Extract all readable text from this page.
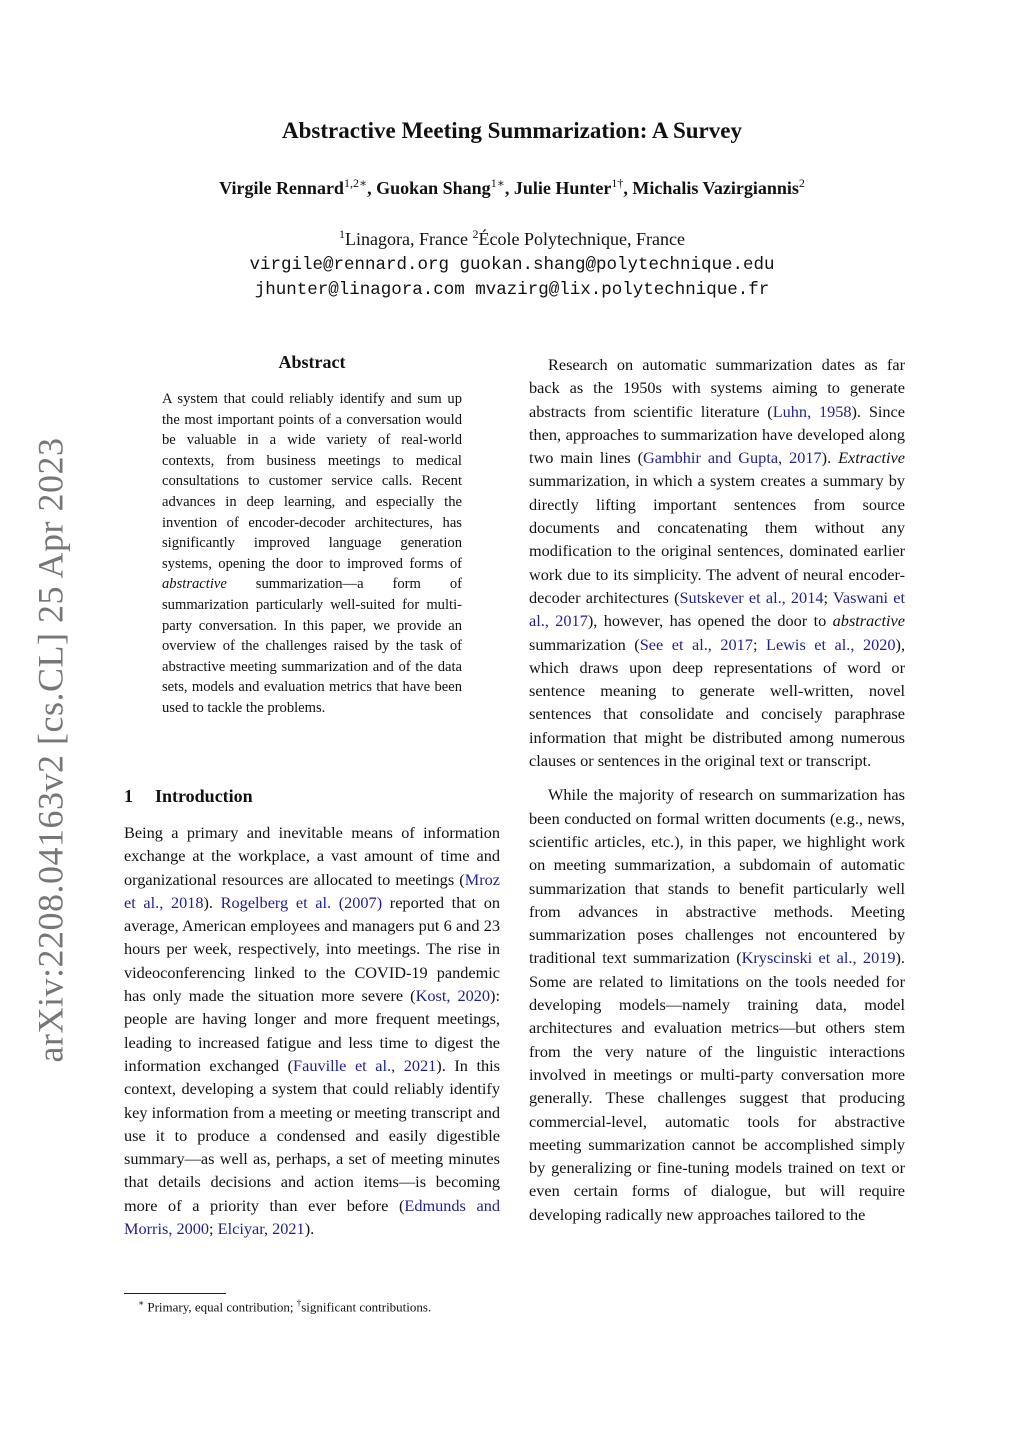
arXiv:2208.04163v2 [cs.CL] 25 Apr 2023
Abstractive Meeting Summarization: A Survey
Virgile Rennard$^{1,2∗}$, Guokan Shang$^{1∗}$, Julie Hunter$^{1\dagger}$, Michalis Vazirgiannis$^2$
$^1$Linagora, France $^2$École Polytechnique, France
virgile@rennard.org guokan.shang@polytechnique.edu
jhunter@linagora.com mvazirg@lix.polytechnique.fr
Abstract
A system that could reliably identify and sum up the most important points of a conversation would be valuable in a wide variety of real-world contexts, from business meetings to medical consultations to customer service calls. Recent advances in deep learning, and especially the invention of encoder-decoder architectures, has significantly improved language generation systems, opening the door to improved forms of abstractive summarization—a form of summarization particularly well-suited for multi-party conversation. In this paper, we provide an overview of the challenges raised by the task of abstractive meeting summarization and of the data sets, models and evaluation metrics that have been used to tackle the problems.
1 Introduction

Being a primary and inevitable means of information exchange at the workplace, a vast amount of time and organizational resources are allocated to meetings (Mroz et al., 2018). Rogelberg et al. (2007) reported that on average, American employees and managers put 6 and 23 hours per week, respectively, into meetings. The rise in videoconferencing linked to the COVID-19 pandemic has only made the situation more severe (Kost, 2020): people are having longer and more frequent meetings, leading to increased fatigue and less time to digest the information exchanged (Fauville et al., 2021). In this context, developing a system that could reliably identify key information from a meeting or meeting transcript and use it to produce a condensed and easily digestible summary—as well as, perhaps, a set of meeting minutes that details decisions and action items—is becoming more of a priority than ever before (Edmunds and Morris, 2000; Elciyar, 2021).

Research on automatic summarization dates as far back as the 1950s with systems aiming to generate abstracts from scientific literature (Luhn, 1958). Since then, approaches to summarization have developed along two main lines (Gambhir and Gupta, 2017). Extractive summarization, in which a system creates a summary by directly lifting important sentences from source documents and concatenating them without any modification to the original sentences, dominated earlier work due to its simplicity. The advent of neural encoder-decoder architectures (Sutskever et al., 2014; Vaswani et al., 2017), however, has opened the door to abstractive summarization (See et al., 2017; Lewis et al., 2020), which draws upon deep representations of word or sentence meaning to generate well-written, novel sentences that consolidate and concisely paraphrase information that might be distributed among numerous clauses or sentences in the original text or transcript.

While the majority of research on summarization has been conducted on formal written documents (e.g., news, scientific articles, etc.), in this paper, we highlight work on meeting summarization, a subdomain of automatic summarization that stands to benefit particularly well from advances in abstractive methods. Meeting summarization poses challenges not encountered by traditional text summarization (Kryscinski et al., 2019). Some are related to limitations on the tools needed for developing models—namely training data, model architectures and evaluation metrics—but others stem from the very nature of the linguistic interactions involved in meetings or multi-party conversation more generally. These challenges suggest that producing commercial-level, automatic tools for abstractive meeting summarization cannot be accomplished simply by generalizing or fine-tuning models trained on text or even certain forms of dialogue, but will require developing radically new approaches tailored to the

∗ Primary, equal contribution; †significant contributions.
